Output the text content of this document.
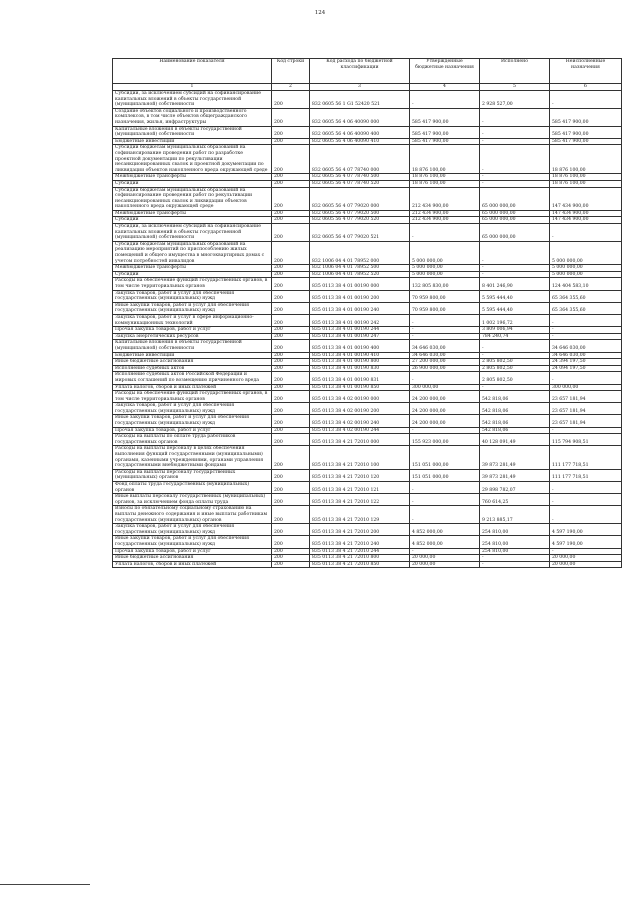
124
Наименование показателя	Код строки	Код расхода по бюджетной классификации	Утвержденные бюджетные назначения	Исполнено	Неисполненные назначения
1	2	3	4	5	6
Субсидии, за исключением субсидий на софинансирование капитальных вложений в объекты государственной (муниципальной) собственности	200	832 0605 56 1 G1 52420 521	-	2 928 527,00	-
Создание объектов социального и производственного комплексов, в том числе объектов общегражданского назначения, жилья, инфраструктуры	200	832 0605 56 4 06 40090 000	585 417 900,00	-	585 417 900,00
Капитальные вложения в объекты государственной (муниципальной) собственности	200	832 0605 56 4 06 40090 400	585 417 900,00	-	585 417 900,00
Бюджетные инвестиции	200	832 0605 56 4 06 40090 410	585 417 900,00	-	585 417 900,00
Субсидии бюджетам муниципальных образований на софинансирование проведения работ по разработке проектной документации по рекультивации несанкционированных свалок и проектной документации по ликвидации объектов накопленного вреда окружающей среде	200	832 0605 56 4 07 78740 000	18 876 100,00	-	18 876 100,00
Межбюджетные трансферты	200	832 0605 56 4 07 78740 500	18 876 100,00	-	18 876 100,00
Субсидии	200	832 0605 56 4 07 78740 520	18 876 100,00	-	18 876 100,00
Субсидии бюджетам муниципальных образований на софинансирование проведения работ по рекультивации несанкционированных свалок и ликвидации объектов накопленного вреда окружающей среде	200	832 0605 56 4 07 79020 000	212 434 900,00	65 000 000,00	147 434 900,00
Межбюджетные трансферты	200	832 0605 56 4 07 79020 500	212 434 900,00	65 000 000,00	147 434 900,00
Субсидии	200	832 0605 56 4 07 79020 520	212 434 900,00	65 000 000,00	147 434 900,00
Субсидии, за исключением субсидий на софинансирование капитальных вложений в объекты государственной (муниципальной) собственности	200	832 0605 56 4 07 79020 521	-	65 000 000,00	-
Субсидии бюджетам муниципальных образований на реализацию мероприятий по приспособлению жилых помещений и общего имущества в многоквартирных домах с учетом потребностей инвалидов	200	832 1006 04 4 01 78952 000	5 000 000,00	-	5 000 000,00
Межбюджетные трансферты	200	832 1006 04 4 01 78952 500	5 000 000,00	-	5 000 000,00
Субсидии	200	832 1006 04 4 01 78952 520	5 000 000,00	-	5 000 000,00
Расходы на обеспечение функций государственных органов, в том числе территориальных органов	200	835 0113 38 4 01 00190 000	132 805 830,00	8 401 246,90	124 404 583,10
Закупка товаров, работ и услуг для обеспечения государственных (муниципальных) нужд	200	835 0113 38 4 01 00190 200	70 959 800,00	5 595 444,40	65 364 355,60
Иные закупки товаров, работ и услуг для обеспечения государственных (муниципальных) нужд	200	835 0113 38 4 01 00190 240	70 959 800,00	5 595 444,40	65 364 355,60
Закупка товаров, работ и услуг в сфере информационно-коммуникационных технологий	200	835 0113 38 4 01 00190 242	-	1 002 196,72	-
Прочая закупка товаров, работ и услуг	200	835 0113 38 4 01 00190 244	-	3 809 006,94	-
Закупка энергетических ресурсов	200	835 0113 38 4 01 00190 247	-	784 240,74	-
Капитальные вложения в объекты государственной (муниципальной) собственности	200	835 0113 38 4 01 00190 400	34 646 030,00	-	34 646 030,00
Бюджетные инвестиции	200	835 0113 38 4 01 00190 410	34 646 030,00	-	34 646 030,00
Иные бюджетные ассигнования	200	835 0113 38 4 01 00190 800	27 200 000,00	2 805 802,50	24 394 197,50
Исполнение судебных актов	200	835 0113 38 4 01 00190 830	26 900 000,00	2 805 802,50	24 094 197,50
Исполнение судебных актов Российской Федерации и мировых соглашений по возмещению причиненного вреда	200	835 0113 38 4 01 00190 831	-	2 805 802,50	-
Уплата налогов, сборов и иных платежей	200	835 0113 38 4 01 00190 850	300 000,00	-	300 000,00
Расходы на обеспечение функций государственных органов, в том числе территориальных органов	200	835 0113 38 4 02 00190 000	24 200 000,00	542 818,06	23 657 181,94
Закупка товаров, работ и услуг для обеспечения государственных (муниципальных) нужд	200	835 0113 38 4 02 00190 200	24 200 000,00	542 818,06	23 657 181,94
Иные закупки товаров, работ и услуг для обеспечения государственных (муниципальных) нужд	200	835 0113 38 4 02 00190 240	24 200 000,00	542 818,06	23 657 181,94
Прочая закупка товаров, работ и услуг	200	835 0113 38 4 02 00190 244	-	542 818,06	-
Расходы на выплаты по оплате труда работников государственных органов	200	835 0113 38 4 21 72010 000	155 923 000,00	40 128 091,49	115 794 908,51
Расходы на выплаты персоналу в целях обеспечения выполнения функций государственными (муниципальными) органами, казенными учреждениями, органами управления государственными внебюджетными фондами	200	835 0113 38 4 21 72010 100	151 051 000,00	39 873 281,49	111 177 718,51
Расходы на выплаты персоналу государственных (муниципальных) органов	200	835 0113 38 4 21 72010 120	151 051 000,00	39 873 281,49	111 177 718,51
Фонд оплаты труда государственных (муниципальных) органов	200	835 0113 38 4 21 72010 121	-	29 898 782,07	-
Иные выплаты персоналу государственных (муниципальных) органов, за исключением фонда оплаты труда	200	835 0113 38 4 21 72010 122	-	760 614,25	-
Взносы по обязательному социальному страхованию на выплаты денежного содержания и иные выплаты работникам государственных (муниципальных) органов	200	835 0113 38 4 21 72010 129	-	9 213 885,17	-
Закупка товаров, работ и услуг для обеспечения государственных (муниципальных) нужд	200	835 0113 38 4 21 72010 200	4 852 000,00	254 810,00	4 597 190,00
Иные закупки товаров, работ и услуг для обеспечения государственных (муниципальных) нужд	200	835 0113 38 4 21 72010 240	4 852 000,00	254 810,00	4 597 190,00
Прочая закупка товаров, работ и услуг	200	835 0113 38 4 21 72010 244	-	254 810,00	-
Иные бюджетные ассигнования	200	835 0113 38 4 21 72010 800	20 000,00	-	20 000,00
Уплата налогов, сборов и иных платежей	200	835 0113 38 4 21 72010 850	20 000,00	-	20 000,00
